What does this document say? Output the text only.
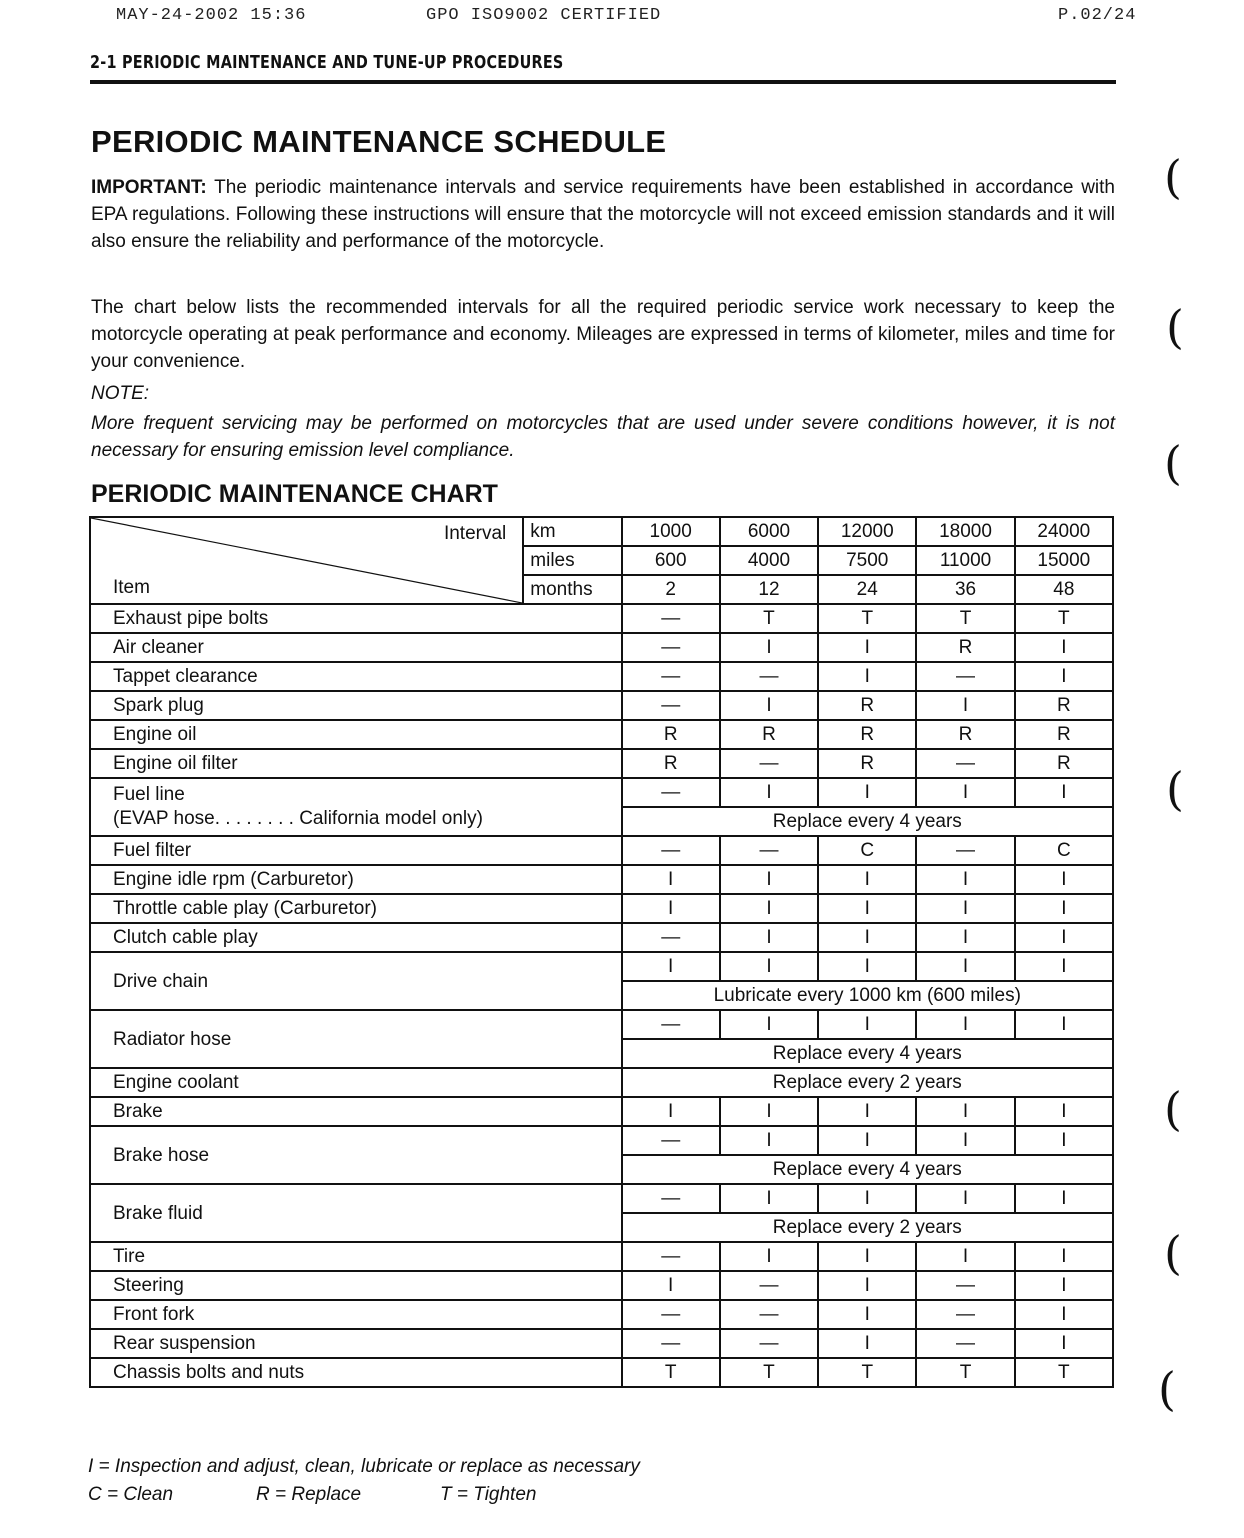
MAY-24-2002 15:36	GPO ISO9002 CERTIFIED	P.02/24
2-1 PERIODIC MAINTENANCE AND TUNE-UP PROCEDURES
PERIODIC MAINTENANCE SCHEDULE

IMPORTANT: The periodic maintenance intervals and service requirements have been established in accordance with EPA regulations. Following these instructions will ensure that the motorcycle will not exceed emission standards and it will also ensure the reliability and performance of the motorcycle.

The chart below lists the recommended intervals for all the required periodic service work necessary to keep the motorcycle operating at peak performance and economy. Mileages are expressed in terms of kilometer, miles and time for your convenience.

NOTE:

More frequent servicing may be performed on motorcycles that are used under severe conditions however, it is not necessary for ensuring emission level compliance.

PERIODIC MAINTENANCE CHART
Interval
Item	km	1000	6000	12000	18000	24000
	miles	600	4000	7500	11000	15000
	months	2	12	24	36	48
Exhaust pipe bolts		—	T	T	T	T
Air cleaner		—	I	I	R	I
Tappet clearance		—	—	I	—	I
Spark plug		—	I	R	I	R
Engine oil		R	R	R	R	R
Engine oil filter		R	—	R	—	R

Fuel line
(EVAP hose. . . . . . . . California model only)		—	I	I	I	I
		Replace every 4 years				
Fuel filter		—	—	C	—	C
Engine idle rpm (Carburetor)		I	I	I	I	I
Throttle cable play (Carburetor)		I	I	I	I	I
Clutch cable play		—	I	I	I	I
Drive chain		I	I	I	I	I
		Lubricate every 1000 km (600 miles)				
Radiator hose		—	I	I	I	I
		Replace every 4 years				
Engine coolant		Replace every 2 years				
Brake		I	I	I	I	I
Brake hose		—	I	I	I	I
		Replace every 4 years				
Brake fluid		—	I	I	I	I
		Replace every 2 years				
Tire		—	I	I	I	I
Steering		I	—	I	—	I
Front fork		—	—	I	—	I
Rear suspension		—	—	I	—	I
Chassis bolts and nuts		T	T	T	T	T
I = Inspection and adjust, clean, lubricate or replace as necessary
C = Clean	R = Replace	T = Tighten
(
(
(
(
(
(
(
